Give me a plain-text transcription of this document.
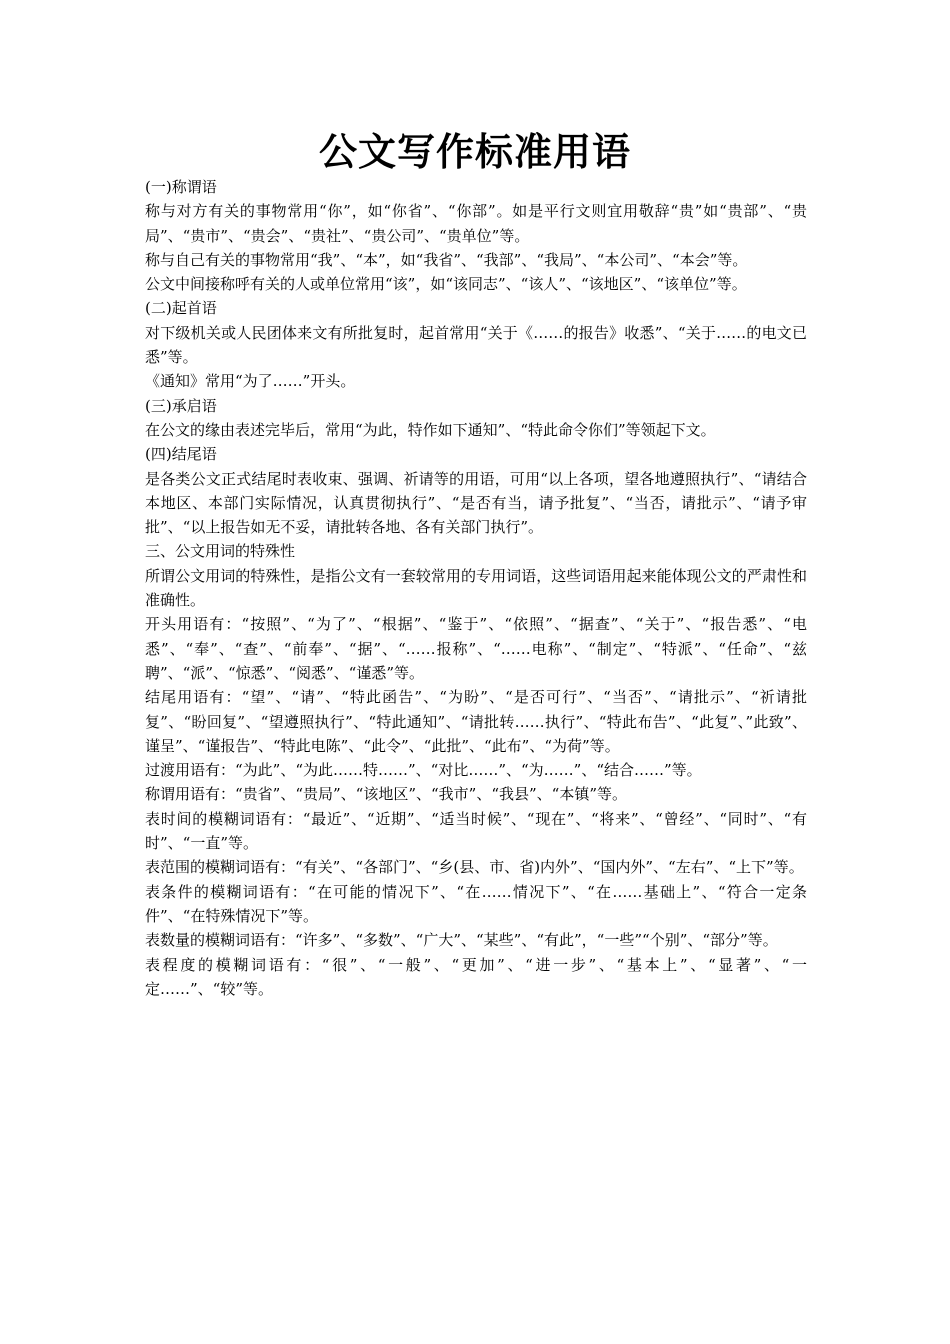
公文写作标准用语

(一)称谓语

称与对方有关的事物常用“你”，如“你省”、“你部”。如是平行文则宜用敬辞“贵”如“贵部”、“贵局”、“贵市”、“贵会”、“贵社”、“贵公司”、“贵单位”等。

称与自己有关的事物常用“我”、“本”，如“我省”、“我部”、“我局”、“本公司”、“本会”等。

公文中间接称呼有关的人或单位常用“该”，如“该同志”、“该人”、“该地区”、“该单位”等。

(二)起首语

对下级机关或人民团体来文有所批复时，起首常用“关于《……的报告》收悉”、“关于……的电文已悉”等。

《通知》常用“为了……”开头。

(三)承启语

在公文的缘由表述完毕后，常用“为此，特作如下通知”、“特此命令你们”等领起下文。

(四)结尾语

是各类公文正式结尾时表收束、强调、祈请等的用语，可用“以上各项，望各地遵照执行”、“请结合本地区、本部门实际情况，认真贯彻执行”、“是否有当，请予批复”、“当否，请批示”、“请予审批”、“以上报告如无不妥，请批转各地、各有关部门执行”。

三、公文用词的特殊性

所谓公文用词的特殊性，是指公文有一套较常用的专用词语，这些词语用起来能体现公文的严肃性和准确性。

开头用语有：“按照”、“为了”、“根据”、“鉴于”、“依照”、“据查”、“关于”、“报告悉”、“电悉”、“奉”、“查”、“前奉”、“据”、“……报称”、“……电称”、“制定”、“特派”、“任命”、“兹聘”、“派”、“惊悉”、“阅悉”、“谨悉”等。

结尾用语有：“望”、“请”、“特此函告”、“为盼”、“是否可行”、“当否”、“请批示”、“祈请批复”、“盼回复”、“望遵照执行”、“特此通知”、“请批转……执行”、“特此布告”、“此复”、”此致”、谨呈”、“谨报告”、“特此电陈”、“此令”、“此批”、“此布”、“为荷”等。

过渡用语有：“为此”、“为此……特……”、“对比……”、“为……”、“结合……”等。

称谓用语有：“贵省”、“贵局”、“该地区”、“我市”、“我县”、“本镇”等。

表时间的模糊词语有：“最近”、“近期”、“适当时候”、“现在”、“将来”、“曾经”、“同时”、“有时”、“一直”等。

表范围的模糊词语有：“有关”、“各部门”、“乡(县、市、省)内外”、“国内外”、“左右”、“上下”等。

表条件的模糊词语有：“在可能的情况下”、“在……情况下”、“在……基础上”、“符合一定条件”、“在特殊情况下”等。

表数量的模糊词语有：“许多”、“多数”、“广大”、“某些”、“有此”，“一些”“个别”、“部分”等。

表程度的模糊词语有：“很”、“一般”、“更加”、“进一步”、“基本上”、“显著”、“一定……”、“较”等。
